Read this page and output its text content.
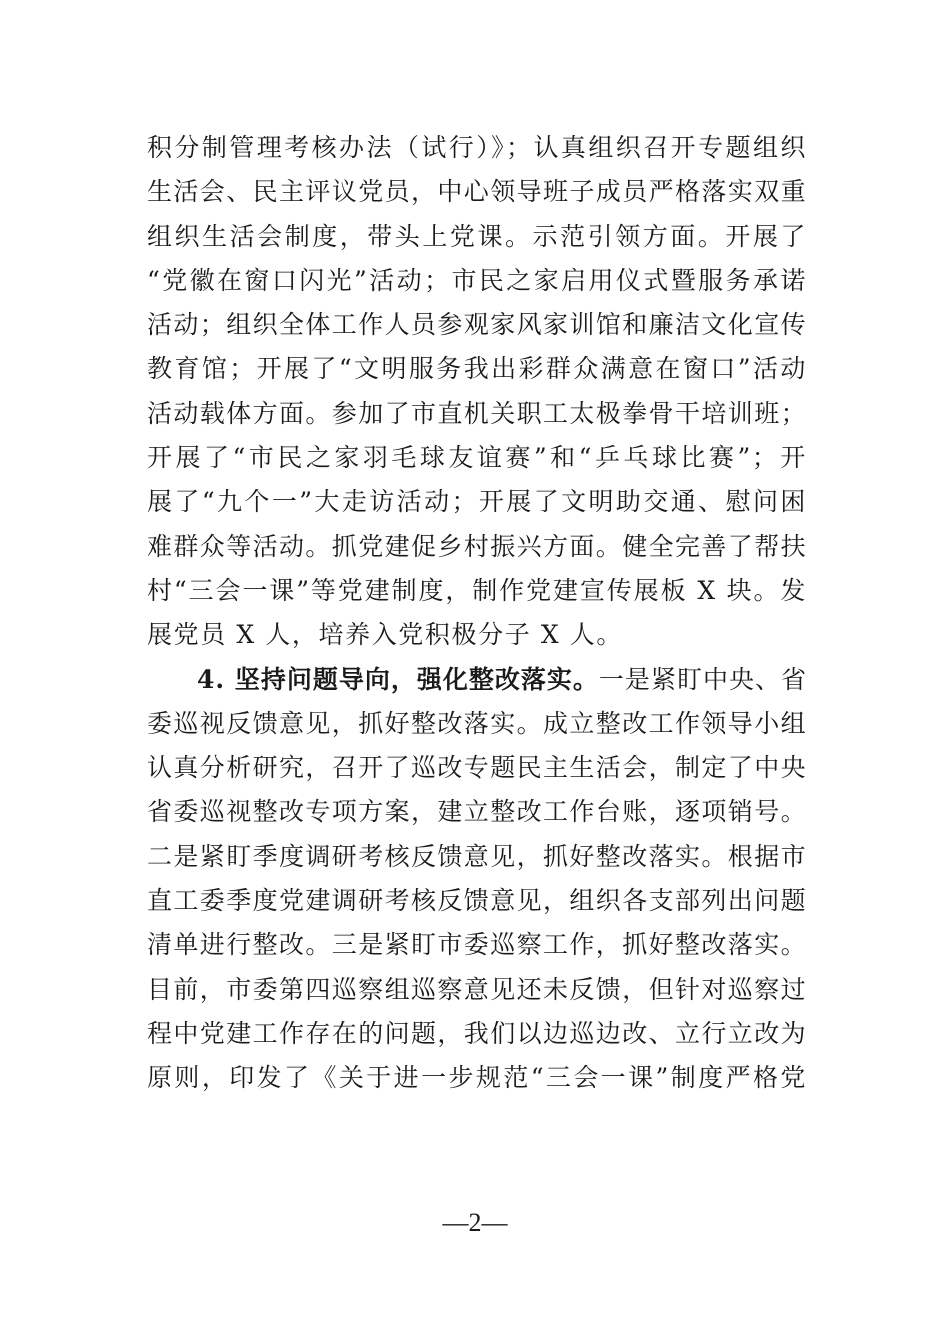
积分制管理考核办法（试行）》；认真组织召开专题组织
生活会、民主评议党员，中心领导班子成员严格落实双重
组织生活会制度，带头上党课。示范引领方面。开展了
“党徽在窗口闪光”活动；市民之家启用仪式暨服务承诺
活动；组织全体工作人员参观家风家训馆和廉洁文化宣传
教育馆；开展了“文明服务我出彩群众满意在窗口”活动
活动载体方面。参加了市直机关职工太极拳骨干培训班；
开展了“市民之家羽毛球友谊赛”和“乒乓球比赛”；开
展了“九个一”大走访活动；开展了文明助交通、慰问困
难群众等活动。抓党建促乡村振兴方面。健全完善了帮扶
村“三会一课”等党建制度，制作党建宣传展板 X 块。发
展党员 X 人，培养入党积极分子 X 人。
4. 坚持问题导向，强化整改落实。一是紧盯中央、省
委巡视反馈意见，抓好整改落实。成立整改工作领导小组
认真分析研究，召开了巡改专题民主生活会，制定了中央
省委巡视整改专项方案，建立整改工作台账，逐项销号。
二是紧盯季度调研考核反馈意见，抓好整改落实。根据市
直工委季度党建调研考核反馈意见，组织各支部列出问题
清单进行整改。三是紧盯市委巡察工作，抓好整改落实。
目前，市委第四巡察组巡察意见还未反馈，但针对巡察过
程中党建工作存在的问题，我们以边巡边改、立行立改为
原则，印发了《关于进一步规范“三会一课”制度严格党
—2—
